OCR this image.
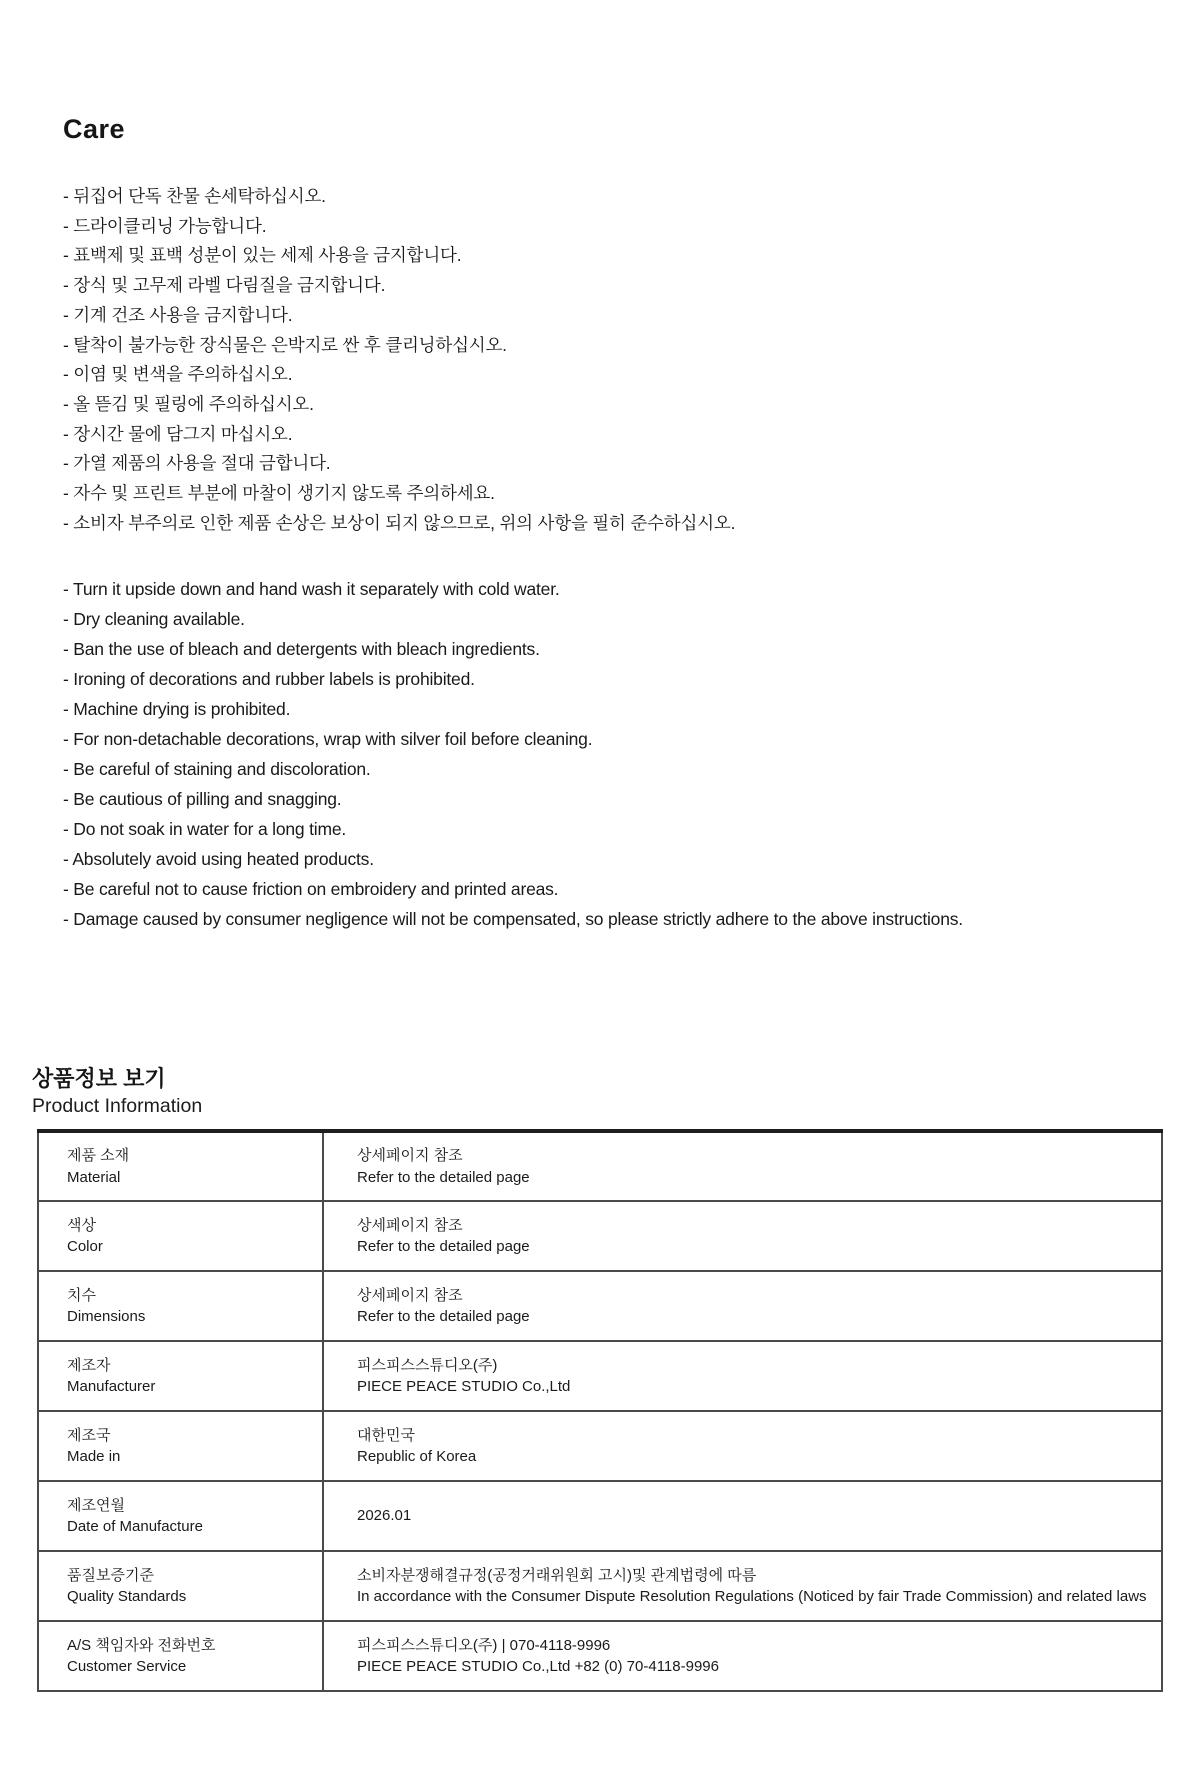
Care
- 뒤집어 단독 찬물 손세탁하십시오.
- 드라이클리닝 가능합니다.
- 표백제 및 표백 성분이 있는 세제 사용을 금지합니다.
- 장식 및 고무제 라벨 다림질을 금지합니다.
- 기계 건조 사용을 금지합니다.
- 탈착이 불가능한 장식물은 은박지로 싼 후 클리닝하십시오.
- 이염 및 변색을 주의하십시오.
- 올 뜯김 및 필링에 주의하십시오.
- 장시간 물에 담그지 마십시오.
- 가열 제품의 사용을 절대 금합니다.
- 자수 및 프린트 부분에 마찰이 생기지 않도록 주의하세요.
- 소비자 부주의로 인한 제품 손상은 보상이 되지 않으므로, 위의 사항을 필히 준수하십시오.
- Turn it upside down and hand wash it separately with cold water.
- Dry cleaning available.
- Ban the use of bleach and detergents with bleach ingredients.
- Ironing of decorations and rubber labels is prohibited.
- Machine drying is prohibited.
- For non-detachable decorations, wrap with silver foil before cleaning.
- Be careful of staining and discoloration.
- Be cautious of pilling and snagging.
- Do not soak in water for a long time.
- Absolutely avoid using heated products.
- Be careful not to cause friction on embroidery and printed areas.
- Damage caused by consumer negligence will not be compensated, so please strictly adhere to the above instructions.
상품정보 보기
Product Information
제품 소재
Material	상세페이지 참조
Refer to the detailed page

색상
Color	상세페이지 참조
Refer to the detailed page

치수
Dimensions	상세페이지 참조
Refer to the detailed page

제조자
Manufacturer	피스피스스튜디오(주)
PIECE PEACE STUDIO Co.,Ltd

제조국
Made in	대한민국
Republic of Korea

제조연월
Date of Manufacture	2026.01

품질보증기준
Quality Standards	소비자분쟁해결규정(공정거래위원회 고시)및 관계법령에 따름
In accordance with the Consumer Dispute Resolution Regulations (Noticed by fair Trade Commission) and related laws

A/S 책임자와 전화번호
Customer Service	피스피스스튜디오(주) | 070-4118-9996
PIECE PEACE STUDIO Co.,Ltd +82 (0) 70-4118-9996
